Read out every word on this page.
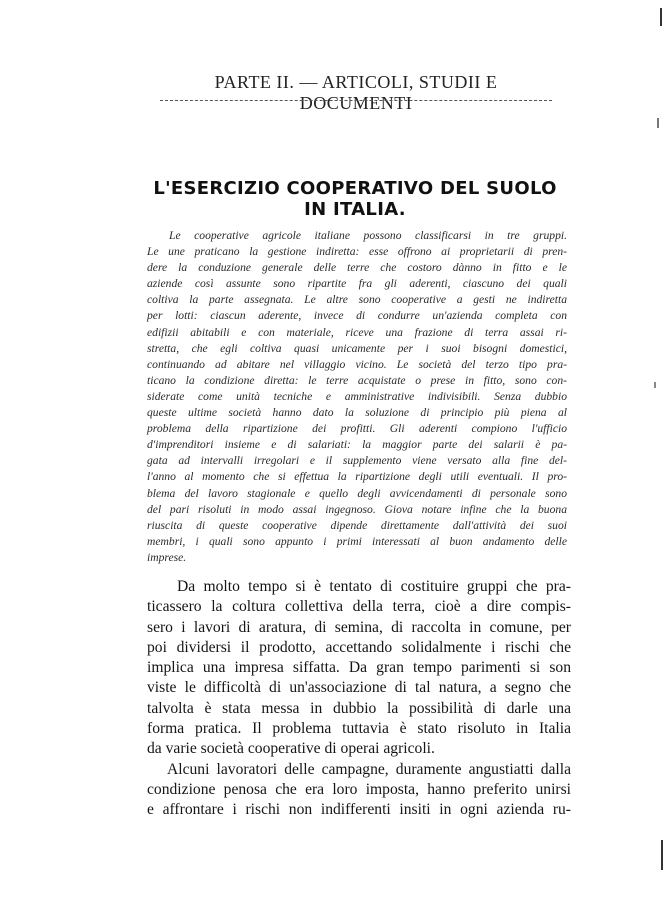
PARTE II. — ARTICOLI, STUDII E DOCUMENTI
L'ESERCIZIO COOPERATIVO DEL SUOLO IN ITALIA.
Le cooperative agricole italiane possono classificarsi in tre gruppi.
Le une praticano la gestione indiretta: esse offrono ai proprietarii di pren-
dere la conduzione generale delle terre che costoro dànno in fitto e le
aziende così assunte sono ripartite fra gli aderenti, ciascuno dei quali
coltiva la parte assegnata. Le altre sono cooperative a gesti ne indiretta
per lotti: ciascun aderente, invece di condurre un'azienda completa con
edifizii abitabili e con materiale, riceve una frazione di terra assai ri-
stretta, che egli coltiva quasi unicamente per i suoi bisogni domestici,
continuando ad abitare nel villaggio vicino. Le società del terzo tipo pra-
ticano la condizione diretta: le terre acquistate o prese in fitto, sono con-
siderate come unità tecniche e amministrative indivisibili. Senza dubbio
queste ultime società hanno dato la soluzione di principio più piena al
problema della ripartizione dei profitti. Gli aderenti compiono l'ufficio
d'imprenditori insieme e di salariati: la maggior parte dei salarii è pa-
gata ad intervalli irregolari e il supplemento viene versato alla fine del-
l'anno al momento che si effettua la ripartizione degli utili eventuali. Il pro-
blema del lavoro stagionale e quello degli avvicendamenti di personale sono
del pari risoluti in modo assai ingegnoso. Giova notare infine che la buona
riuscita di queste cooperative dipende direttamente dall'attività dei suoi
membri, i quali sono appunto i primi interessati al buon andamento delle
imprese.
Da molto tempo si è tentato di costituire gruppi che pra-
ticassero la coltura collettiva della terra, cioè a dire compis-
sero i lavori di aratura, di semina, di raccolta in comune, per
poi dividersi il prodotto, accettando solidalmente i rischi che
implica una impresa siffatta. Da gran tempo parimenti si son
viste le difficoltà di un'associazione di tal natura, a segno che
talvolta è stata messa in dubbio la possibilità di darle una
forma pratica. Il problema tuttavia è stato risoluto in Italia
da varie società cooperative di operai agricoli.
Alcuni lavoratori delle campagne, duramente angustiatti dalla
condizione penosa che era loro imposta, hanno preferito unirsi
e affrontare i rischi non indifferenti insiti in ogni azienda ru-
